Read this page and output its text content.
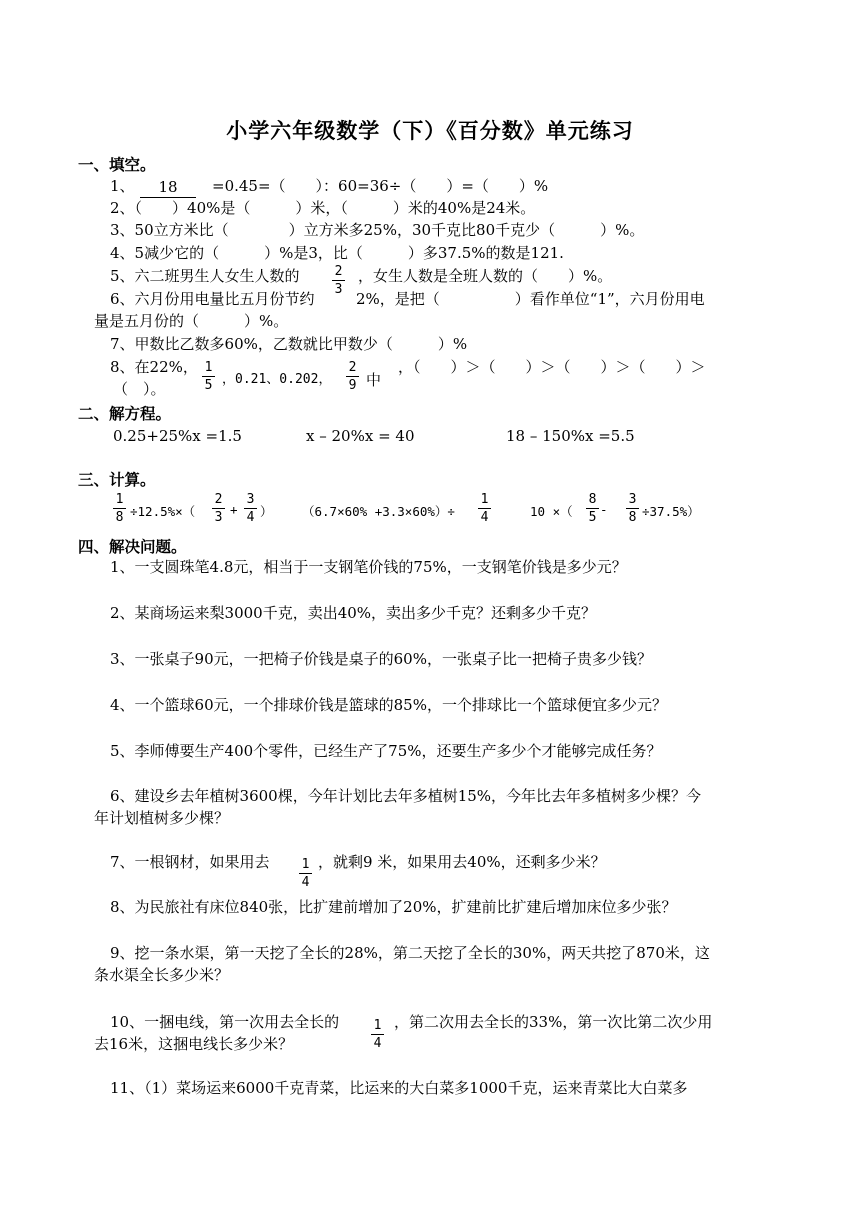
小学六年级数学（下）《百分数》单元练习
一、填空。
1、	18	=0.45=（　　）：60=36÷（　　）=（　　）%
2、（　　）40%是（　　　）米，（　　　）米的40%是24米。
3、50立方米比（　　　　）立方米多25%，30千克比80千克少（　　　）%。
4、5减少它的（　　　）%是3，比（　　　）多37.5%的数是121.
5、六二班男生人女生人数的	2
3
，女生人数是全班人数的（　　）%。
6、六月份用电量比五月份节约	2%，是把（　　　　　）看作单位“1”，六月份用电
量是五月份的（　　　）%。
7、甲数比乙数多60%，乙数就比甲数少（　　　）%
8、在22%， 1
5 ，0.21、0.202，
2
9 中
，（　　）＞（　　）＞（　　）＞（　　）＞
（　）。
二、解方程。
0.25+25%x =1.5	x – 20%x = 40	18 – 150%x =5.5
三、计算。
1
8 ÷12.5%×（
2
3
+
3
4 ） （6.7×60% +3.3×60%）÷
1
4	10 ×（
8
5
-
3
8 ÷37.5%）
四、解决问题。
1、一支圆珠笔4.8元，相当于一支钢笔价钱的75%，一支钢笔价钱是多少元？
2、某商场运来梨3000千克，卖出40%，卖出多少千克？还剩多少千克？
3、一张桌子90元，一把椅子价钱是桌子的60%，一张桌子比一把椅子贵多少钱？
4、一个篮球60元，一个排球价钱是篮球的85%，一个排球比一个篮球便宜多少元？
5、李师傅要生产400个零件，已经生产了75%，还要生产多少个才能够完成任务？
6、建设乡去年植树3600棵，今年计划比去年多植树15%，今年比去年多植树多少棵？今
年计划植树多少棵？
7、一根钢材，如果用去 1
4
，就剩9 米，如果用去40%，还剩多少米？
8、为民旅社有床位840张，比扩建前增加了20%，扩建前比扩建后增加床位多少张？
9、挖一条水渠，第一天挖了全长的28%，第二天挖了全长的30%，两天共挖了870米，这
条水渠全长多少米？
10、一捆电线，第一次用去全长的	1
4
，第二次用去全长的33%，第一次比第二次少用
去16米，这捆电线长多少米？
11、（1）菜场运来6000千克青菜，比运来的大白菜多1000千克，运来青菜比大白菜多
